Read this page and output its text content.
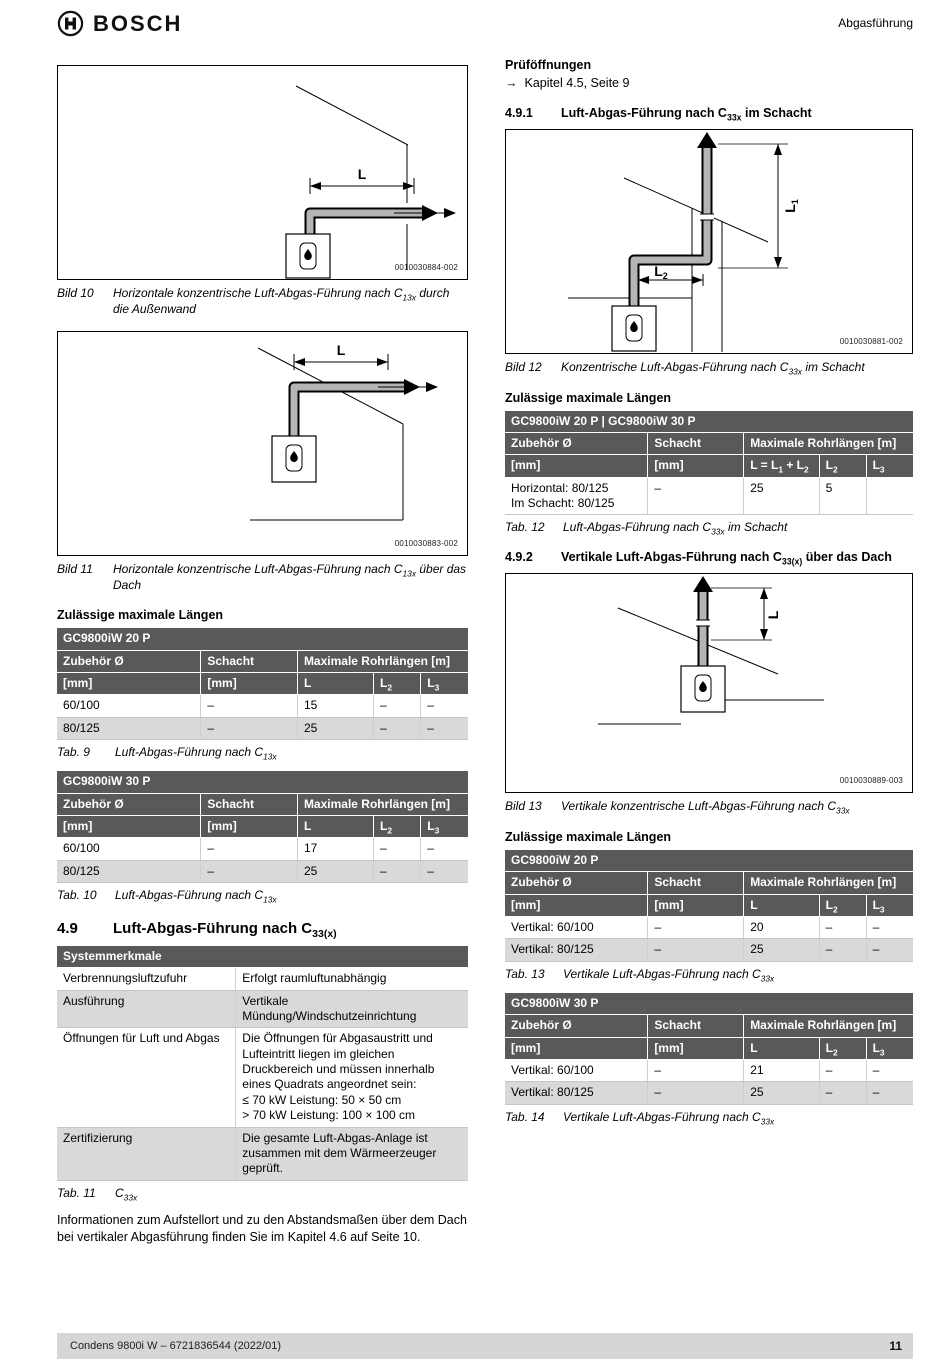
BOSCH	Abgasführung
L
0010030884-002
Bild 10	Horizontale konzentrische Luft-Abgas-Führung nach $C_{13x}$ durch die Außenwand
L
0010030883-002
Bild 11	Horizontale konzentrische Luft-Abgas-Führung nach $C_{13x}$ über das Dach
Zulässige maximale Längen
GC9800iW 20 P				
Zubehör Ø	Schacht	Maximale Rohrlängen [m]		
[mm]	[mm]	L	$L_2$	$L_3$
60/100	–	15	–	–
80/125	–	25	–	–
Tab. 9	Luft-Abgas-Führung nach $C_{13x}$
GC9800iW 30 P				
Zubehör Ø	Schacht	Maximale Rohrlängen [m]		
[mm]	[mm]	L	$L_2$	$L_3$
60/100	–	17	–	–
80/125	–	25	–	–
Tab. 10	Luft-Abgas-Führung nach $C_{13x}$
4.9	Luft-Abgas-Führung nach $C_{33(x)}$
Systemmerkmale	
Verbrennungsluftzufuhr	Erfolgt raumluftunabhängig

Ausführung	Vertikale Mündung/Windschutzeinrichtung

Öffnungen für Luft und Abgas	Die Öffnungen für Abgasaustritt und Lufteintritt liegen im gleichen Druckbereich und müssen innerhalb eines Quadrats angeordnet sein:
≤ 70 kW Leistung: 50 × 50 cm
> 70 kW Leistung: 100 × 100 cm

Zertifizierung	Die gesamte Luft-Abgas-Anlage ist zusammen mit dem Wärmeerzeuger geprüft.
Tab. 11	$C_{33x}$

Informationen zum Aufstellort und zu den Abstandsmaßen über dem Dach bei vertikaler Abgasführung finden Sie im Kapitel 4.6 auf Seite 10.

Prüföffnungen
→ Kapitel 4.5, Seite 9
4.9.1	Luft-Abgas-Führung nach $C_{33x}$ im Schacht
$L_1$
$L_2$
0010030881-002
Bild 12	Konzentrische Luft-Abgas-Führung nach $C_{33x}$ im Schacht
Zulässige maximale Längen
GC9800iW 20 P | GC9800iW 30 P				
Zubehör Ø	Schacht	Maximale Rohrlängen [m]		
[mm]	[mm]	$L = L_1 + L_2$	$L_2$	$L_3$

Horizontal: 80/125
Im Schacht: 80/125	–	25	5	
Tab. 12	Luft-Abgas-Führung nach $C_{33x}$ im Schacht
4.9.2	Vertikale Luft-Abgas-Führung nach $C_{33(x)}$ über das Dach
L
0010030889-003
Bild 13	Vertikale konzentrische Luft-Abgas-Führung nach $C_{33x}$
Zulässige maximale Längen
GC9800iW 20 P				
Zubehör Ø	Schacht	Maximale Rohrlängen [m]		
[mm]	[mm]	L	$L_2$	$L_3$
Vertikal: 60/100	–	20	–	–
Vertikal: 80/125	–	25	–	–
Tab. 13	Vertikale Luft-Abgas-Führung nach $C_{33x}$
GC9800iW 30 P				
Zubehör Ø	Schacht	Maximale Rohrlängen [m]		
[mm]	[mm]	L	$L_2$	$L_3$
Vertikal: 60/100	–	21	–	–
Vertikal: 80/125	–	25	–	–
Tab. 14	Vertikale Luft-Abgas-Führung nach $C_{33x}$
Condens 9800i W – 6721836544 (2022/01)	11
